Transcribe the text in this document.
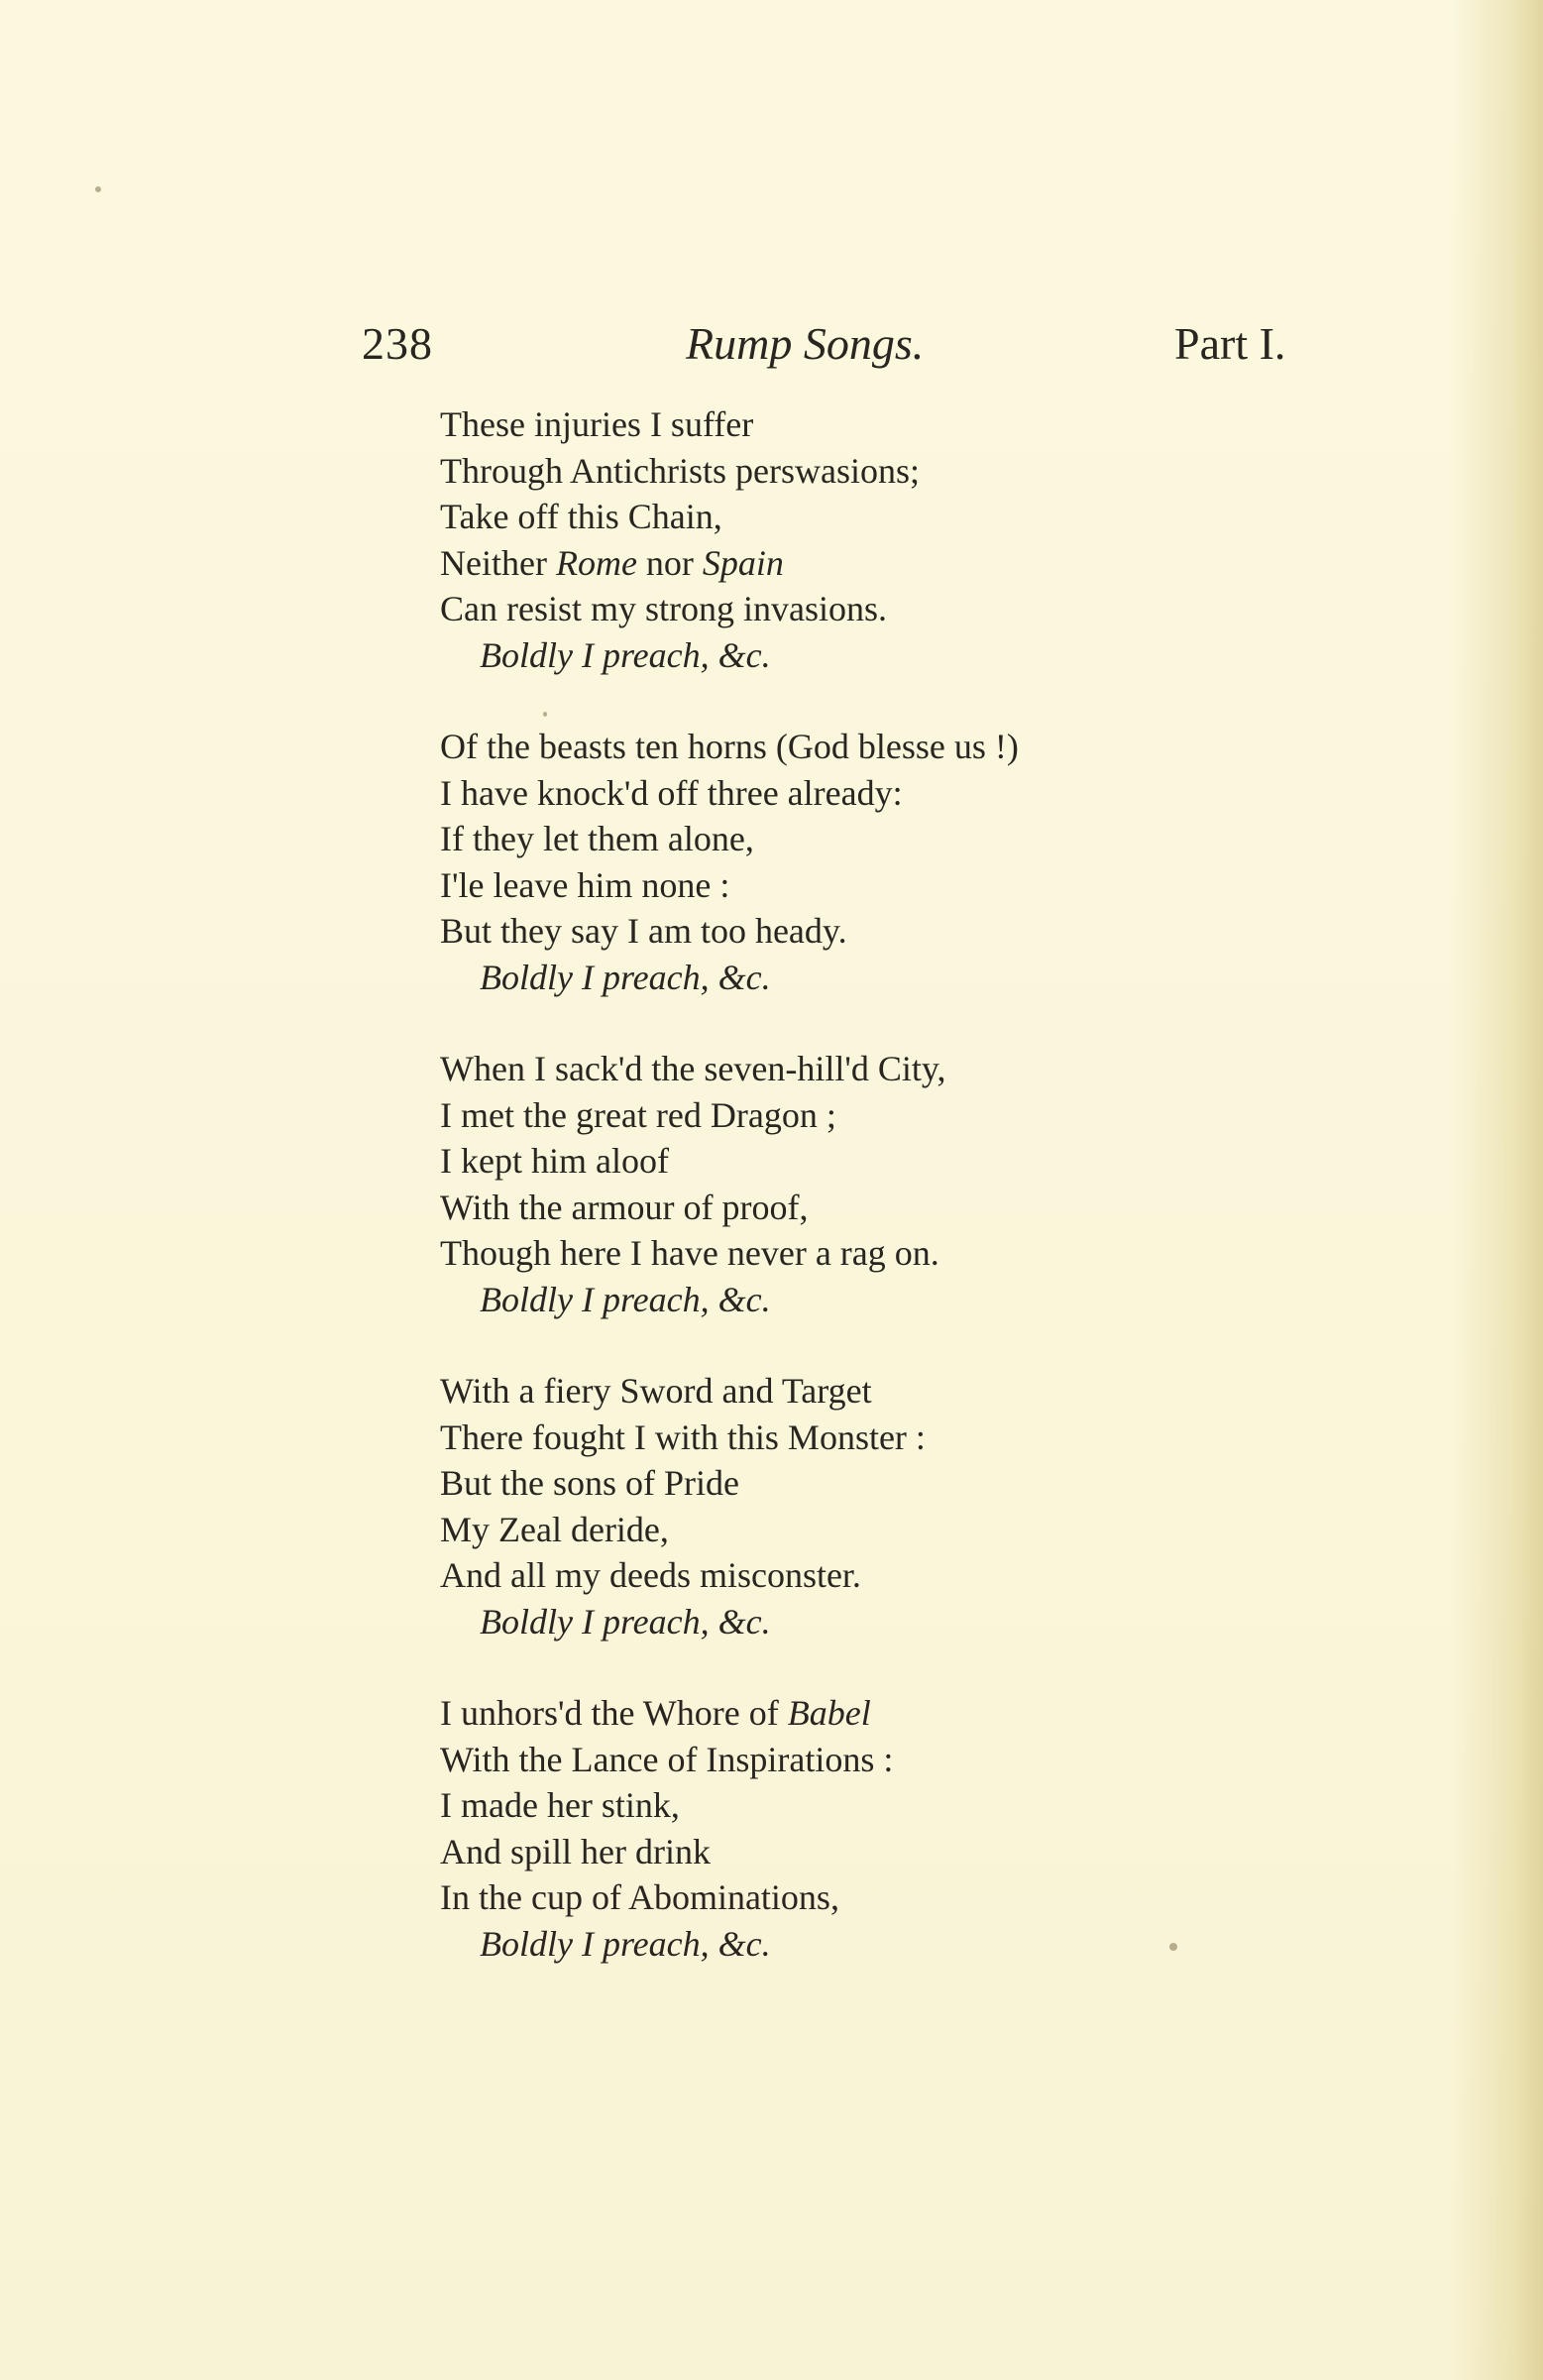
238	Rump Songs.	Part I.
These injuries I suffer
Through Antichrists perswasions;
Take off this Chain,
Neither Rome nor Spain
Can resist my strong invasions.
Boldly I preach, &c.
Of the beasts ten horns (God blesse us !)
I have knock'd off three already:
If they let them alone,
I'le leave him none :
But they say I am too heady.
Boldly I preach, &c.
When I sack'd the seven-hill'd City,
I met the great red Dragon ;
I kept him aloof
With the armour of proof,
Though here I have never a rag on.
Boldly I preach, &c.
With a fiery Sword and Target
There fought I with this Monster :
But the sons of Pride
My Zeal deride,
And all my deeds misconster.
Boldly I preach, &c.
I unhors'd the Whore of Babel
With the Lance of Inspirations :
I made her stink,
And spill her drink
In the cup of Abominations,
Boldly I preach, &c.
